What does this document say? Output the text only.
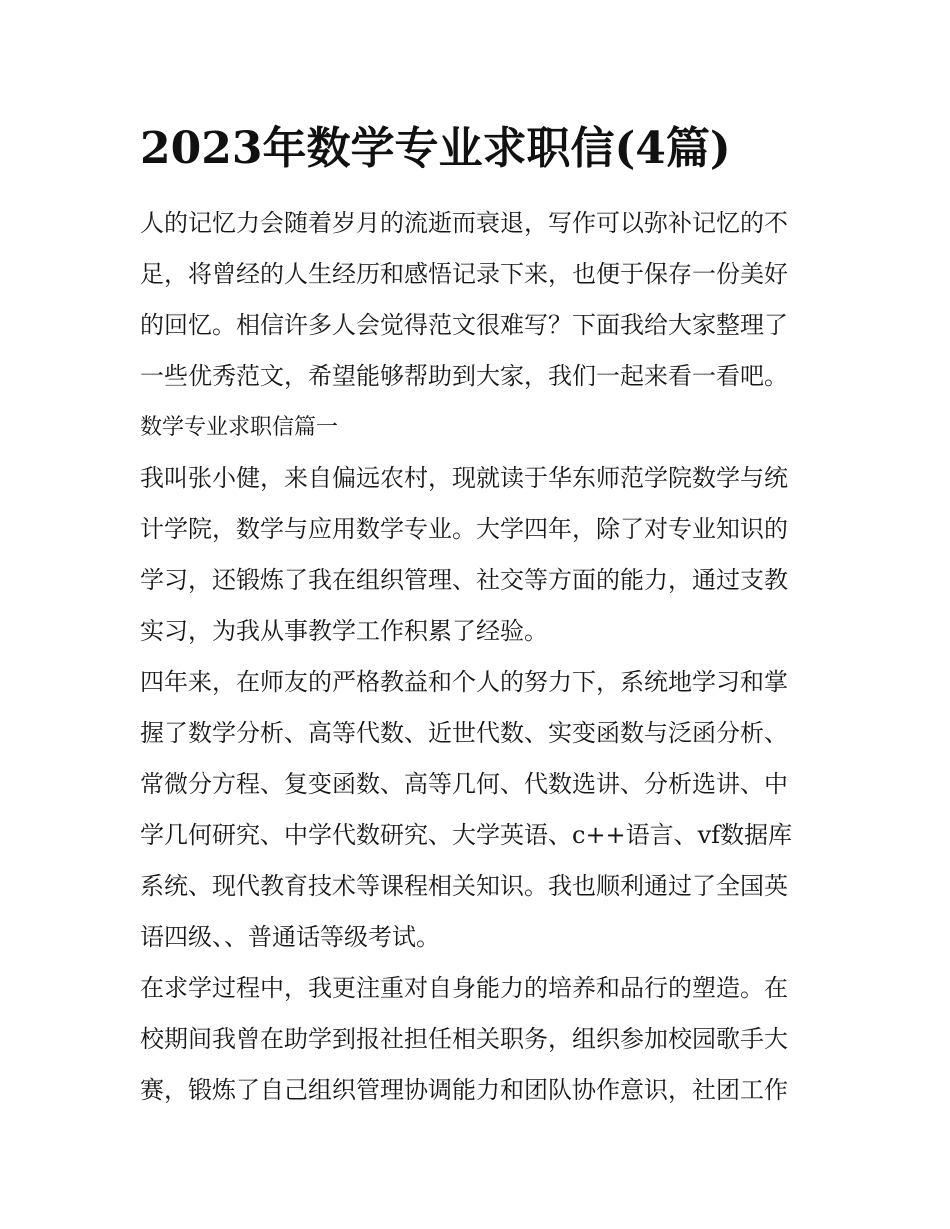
2023年数学专业求职信(4篇)
人的记忆力会随着岁月的流逝而衰退，写作可以弥补记忆的不
足，将曾经的人生经历和感悟记录下来，也便于保存一份美好
的回忆。相信许多人会觉得范文很难写？下面我给大家整理了
一些优秀范文，希望能够帮助到大家，我们一起来看一看吧。
数学专业求职信篇一
我叫张小健，来自偏远农村，现就读于华东师范学院数学与统
计学院，数学与应用数学专业。大学四年，除了对专业知识的
学习，还锻炼了我在组织管理、社交等方面的能力，通过支教
实习，为我从事教学工作积累了经验。
四年来，在师友的严格教益和个人的努力下，系统地学习和掌
握了数学分析、高等代数、近世代数、实变函数与泛函分析、
常微分方程、复变函数、高等几何、代数选讲、分析选讲、中
学几何研究、中学代数研究、大学英语、c++语言、vf数据库
系统、现代教育技术等课程相关知识。我也顺利通过了全国英
语四级、、普通话等级考试。
在求学过程中，我更注重对自身能力的培养和品行的塑造。在
校期间我曾在助学到报社担任相关职务，组织参加校园歌手大
赛，锻炼了自己组织管理协调能力和团队协作意识，社团工作
